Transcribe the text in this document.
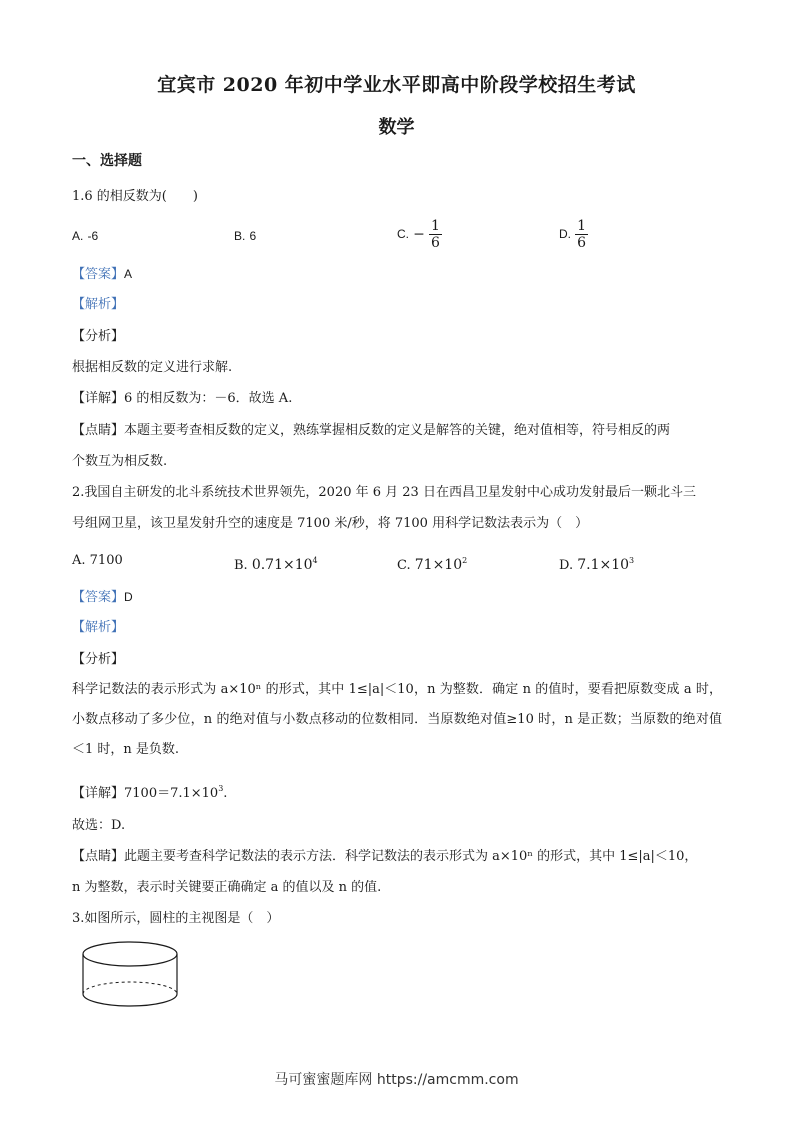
宜宾市 2020 年初中学业水平即高中阶段学校招生考试
数学
一、选择题
1.6 的相反数为(　　)
A. -6	B. 6	C. − $\frac{1}{6}$	D. $\frac{1}{6}$
【答案】A
【解析】
【分析】
根据相反数的定义进行求解.
【详解】6 的相反数为：－6．故选 A.
【点睛】本题主要考查相反数的定义，熟练掌握相反数的定义是解答的关键，绝对值相等，符号相反的两
个数互为相反数.
2.我国自主研发的北斗系统技术世界领先，2020 年 6 月 23 日在西昌卫星发射中心成功发射最后一颗北斗三
号组网卫星，该卫星发射升空的速度是 7100 米/秒，将 7100 用科学记数法表示为（　）
A. 7100	B. $0.71\times 10^4$	C. $71\times 10^2$	D. $7.1\times 10^3$
【答案】D
【解析】
【分析】
科学记数法的表示形式为 a×10ⁿ 的形式，其中 1≤|a|＜10，n 为整数．确定 n 的值时，要看把原数变成 a 时，小数点移动了多少位，n 的绝对值与小数点移动的位数相同．当原数绝对值≥10 时，n 是正数；当原数的绝对值＜1 时，n 是负数.
【详解】$7100=7.1\times 10^3$.
故选：D.
【点睛】此题主要考查科学记数法的表示方法．科学记数法的表示形式为 a×10ⁿ 的形式，其中 1≤|a|＜10，
n 为整数，表示时关键要正确确定 a 的值以及 n 的值.
3.如图所示，圆柱的主视图是（　）
马可蜜蜜题库网 https://amcmm.com
